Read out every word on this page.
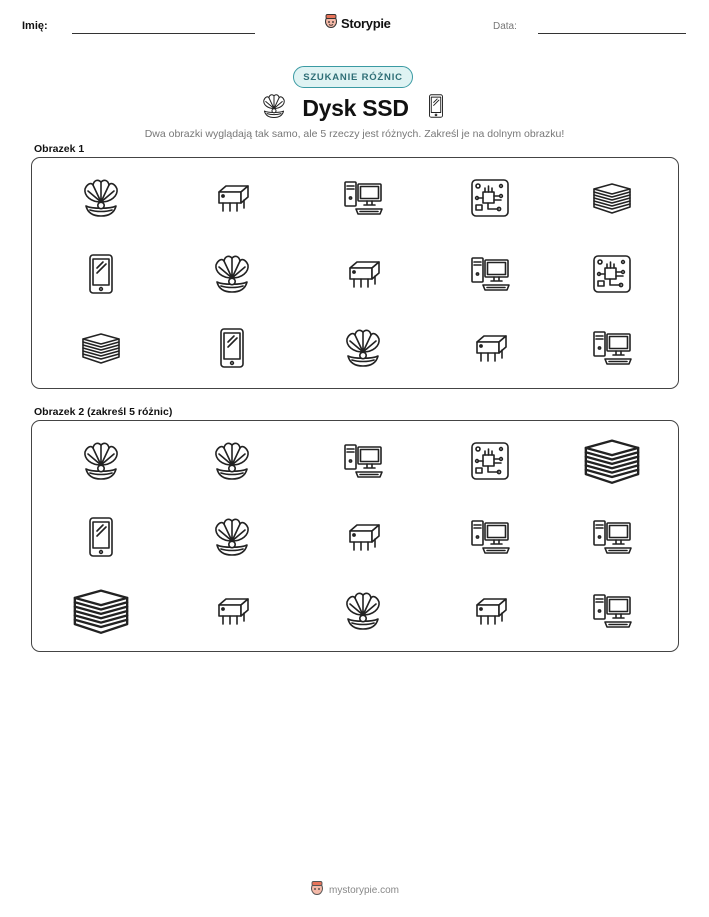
Imię:	Storypie	Data:
SZUKANIE RÓŻNIC
Dysk SSD
Dwa obrazki wyglądają tak samo, ale 5 rzeczy jest różnych. Zakreśl je na dolnym obrazku!
Obrazek 1
Obrazek 2 (zakreśl 5 różnic)
mystorypie.com
